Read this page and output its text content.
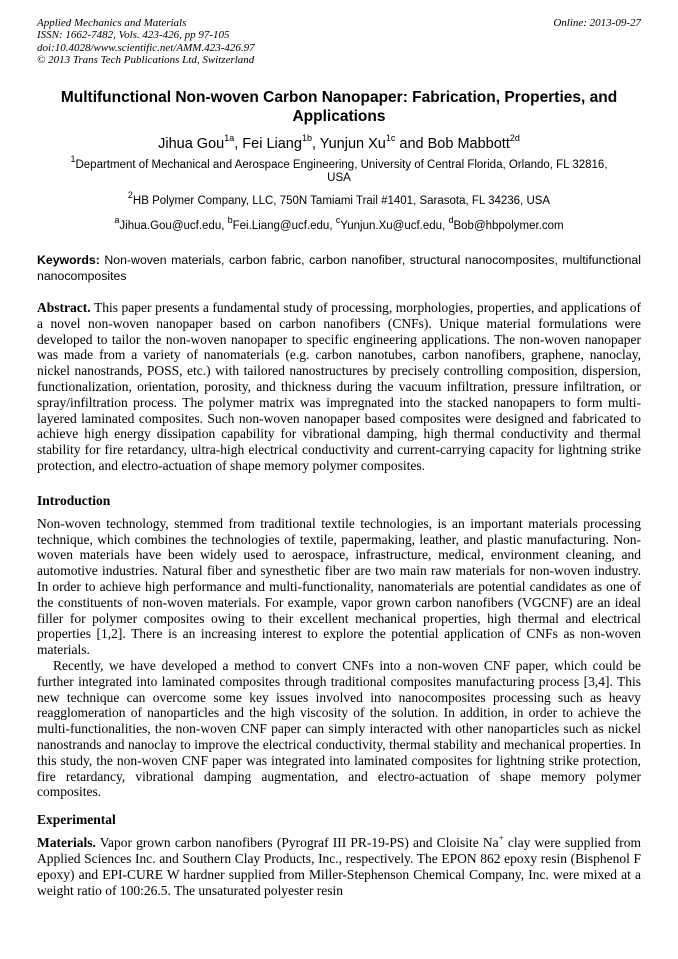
Applied Mechanics and Materials
ISSN: 1662-7482, Vols. 423-426, pp 97-105
doi:10.4028/www.scientific.net/AMM.423-426.97
© 2013 Trans Tech Publications Ltd, Switzerland
Online: 2013-09-27
Multifunctional Non-woven Carbon Nanopaper: Fabrication, Properties, and Applications
Jihua Gou$^{1a}$, Fei Liang$^{1b}$, Yunjun $Xu^{1c}$ and Bob Mabbott$^{2d}$
$^1$Department of Mechanical and Aerospace Engineering, University of Central Florida, Orlando, FL 32816, USA
$^2$HB Polymer Company, LLC, 750N Tamiami Trail #1401, Sarasota, FL 34236, USA
$^a$Jihua.Gou@ucf.edu, $^b$Fei.Liang@ucf.edu, $^c$Yunjun.Xu@ucf.edu, $^d$Bob@hbpolymer.com

Keywords: Non-woven materials, carbon fabric, carbon nanofiber, structural nanocomposites, multifunctional nanocomposites

Abstract. This paper presents a fundamental study of processing, morphologies, properties, and applications of a novel non-woven nanopaper based on carbon nanofibers (CNFs). Unique material formulations were developed to tailor the non-woven nanopaper to specific engineering applications. The non-woven nanopaper was made from a variety of nanomaterials (e.g. carbon nanotubes, carbon nanofibers, graphene, nanoclay, nickel nanostrands, POSS, etc.) with tailored nanostructures by precisely controlling composition, dispersion, functionalization, orientation, porosity, and thickness during the vacuum infiltration, pressure infiltration, or spray/infiltration process. The polymer matrix was impregnated into the stacked nanopapers to form multi-layered laminated composites. Such non-woven nanopaper based composites were designed and fabricated to achieve high energy dissipation capability for vibrational damping, high thermal conductivity and thermal stability for fire retardancy, ultra-high electrical conductivity and current-carrying capacity for lightning strike protection, and electro-actuation of shape memory polymer composites.

Introduction

Non-woven technology, stemmed from traditional textile technologies, is an important materials processing technique, which combines the technologies of textile, papermaking, leather, and plastic manufacturing. Non-woven materials have been widely used to aerospace, infrastructure, medical, environment cleaning, and automotive industries. Natural fiber and synesthetic fiber are two main raw materials for non-woven industry. In order to achieve high performance and multi-functionality, nanomaterials are potential candidates as one of the constituents of non-woven materials. For example, vapor grown carbon nanofibers (VGCNF) are an ideal filler for polymer composites owing to their excellent mechanical properties, high thermal and electrical properties [1,2]. There is an increasing interest to explore the potential application of CNFs as non-woven materials.

Recently, we have developed a method to convert CNFs into a non-woven CNF paper, which could be further integrated into laminated composites through traditional composites manufacturing process [3,4]. This new technique can overcome some key issues involved into nanocomposites processing such as heavy reagglomeration of nanoparticles and the high viscosity of the solution. In addition, in order to achieve the multi-functionalities, the non-woven CNF paper can simply interacted with other nanoparticles such as nickel nanostrands and nanoclay to improve the electrical conductivity, thermal stability and mechanical properties. In this study, the non-woven CNF paper was integrated into laminated composites for lightning strike protection, fire retardancy, vibrational damping augmentation, and electro-actuation of shape memory polymer composites.

Experimental

Materials. Vapor grown carbon nanofibers (Pyrograf III PR-19-PS) and Cloisite Na+ clay were supplied from Applied Sciences Inc. and Southern Clay Products, Inc., respectively. The EPON 862 epoxy resin (Bisphenol F epoxy) and EPI-CURE W hardner supplied from Miller-Stephenson Chemical Company, Inc. were mixed at a weight ratio of 100:26.5. The unsaturated polyester resin
